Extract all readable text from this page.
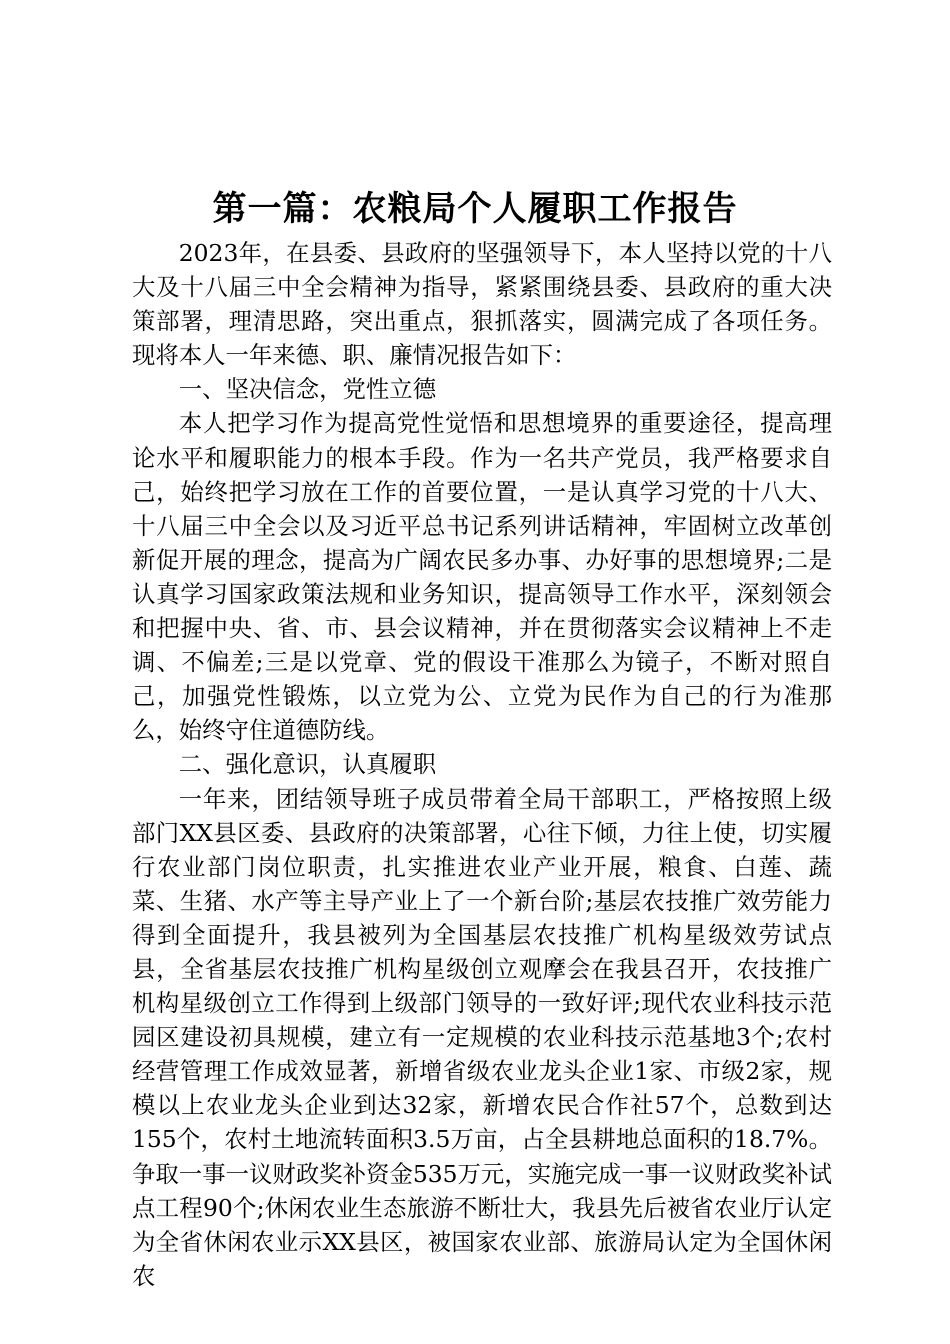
第一篇：农粮局个人履职工作报告

2023年，在县委、县政府的坚强领导下，本人坚持以党的十八大及十八届三中全会精神为指导，紧紧围绕县委、县政府的重大决策部署，理清思路，突出重点，狠抓落实，圆满完成了各项任务。现将本人一年来德、职、廉情况报告如下：

一、坚决信念，党性立德

本人把学习作为提高党性觉悟和思想境界的重要途径，提高理论水平和履职能力的根本手段。作为一名共产党员，我严格要求自己，始终把学习放在工作的首要位置，一是认真学习党的十八大、十八届三中全会以及习近平总书记系列讲话精神，牢固树立改革创新促开展的理念，提高为广阔农民多办事、办好事的思想境界;二是认真学习国家政策法规和业务知识，提高领导工作水平，深刻领会和把握中央、省、市、县会议精神，并在贯彻落实会议精神上不走调、不偏差;三是以党章、党的假设干准那么为镜子，不断对照自己，加强党性锻炼，以立党为公、立党为民作为自己的行为准那么，始终守住道德防线。

二、强化意识，认真履职

一年来，团结领导班子成员带着全局干部职工，严格按照上级部门XX县区委、县政府的决策部署，心往下倾，力往上使，切实履行农业部门岗位职责，扎实推进农业产业开展，粮食、白莲、蔬菜、生猪、水产等主导产业上了一个新台阶;基层农技推广效劳能力得到全面提升，我县被列为全国基层农技推广机构星级效劳试点县，全省基层农技推广机构星级创立观摩会在我县召开，农技推广机构星级创立工作得到上级部门领导的一致好评;现代农业科技示范园区建设初具规模，建立有一定规模的农业科技示范基地3个;农村经营管理工作成效显著，新增省级农业龙头企业1家、市级2家，规模以上农业龙头企业到达32家，新增农民合作社57个，总数到达155个，农村土地流转面积3.5万亩，占全县耕地总面积的18.7%。争取一事一议财政奖补资金535万元，实施完成一事一议财政奖补试点工程90个;休闲农业生态旅游不断壮大，我县先后被省农业厅认定为全省休闲农业示XX县区，被国家农业部、旅游局认定为全国休闲农
